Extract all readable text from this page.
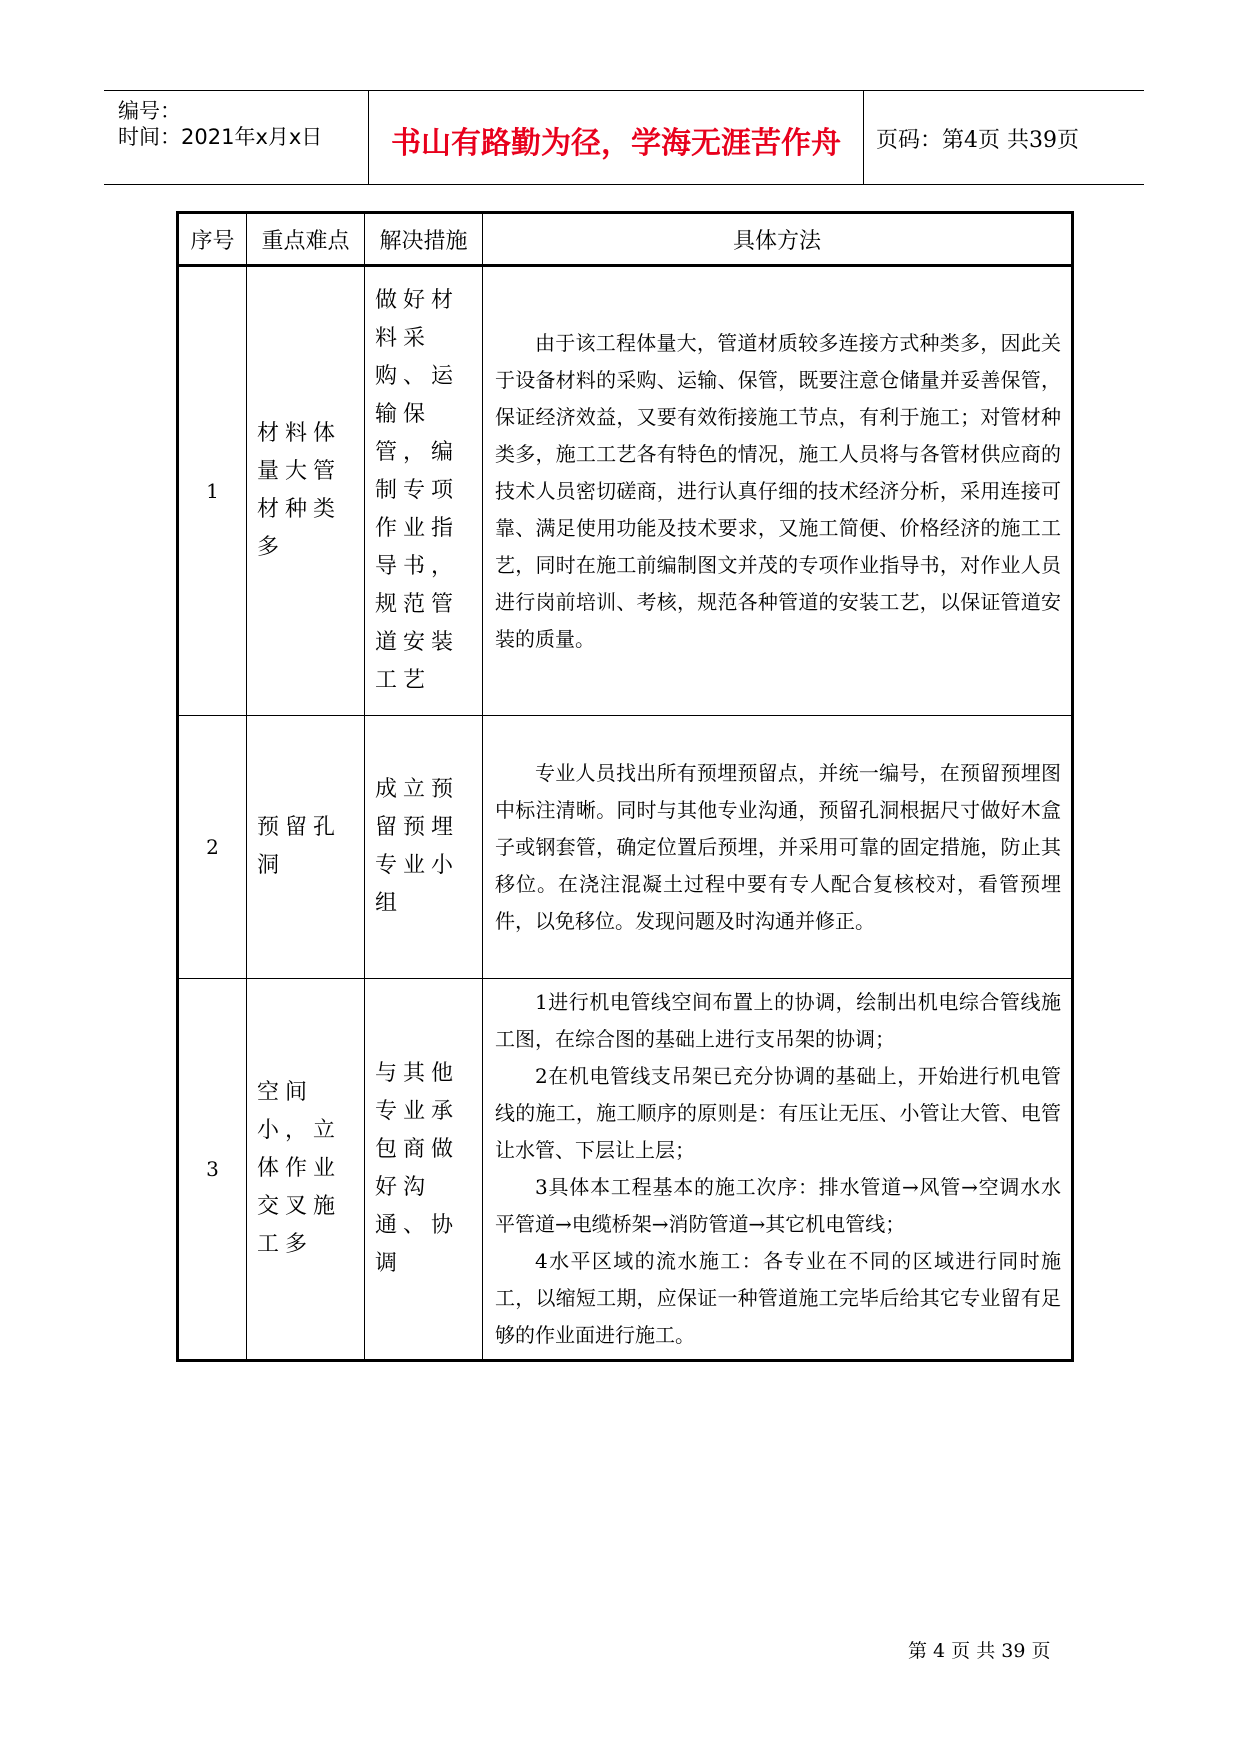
编号：
时间：2021年x月x日	书山有路勤为径，学海无涯苦作舟	页码：第4页 共39页
序号	重点难点	解决措施	具体方法
1	材料体量大管材种类多	做好材料采购、运输保管，编制专项作业指导书，规范管道安装工艺	由于该工程体量大，管道材质较多连接方式种类多，因此关于设备材料的采购、运输、保管，既要注意仓储量并妥善保管，保证经济效益，又要有效衔接施工节点，有利于施工；对管材种类多，施工工艺各有特色的情况，施工人员将与各管材供应商的技术人员密切磋商，进行认真仔细的技术经济分析，采用连接可靠、满足使用功能及技术要求，又施工简便、价格经济的施工工艺，同时在施工前编制图文并茂的专项作业指导书，对作业人员进行岗前培训、考核，规范各种管道的安装工艺，以保证管道安装的质量。

2	预留孔洞	成立预留预埋专业小组	专业人员找出所有预埋预留点，并统一编号，在预留预埋图中标注清晰。同时与其他专业沟通，预留孔洞根据尺寸做好木盒子或钢套管，确定位置后预埋，并采用可靠的固定措施，防止其移位。在浇注混凝土过程中要有专人配合复核校对，看管预埋件，以免移位。发现问题及时沟通并修正。

3	空间小，立体作业交叉施工多	与其他专业承包商做好沟通、协调	1进行机电管线空间布置上的协调，绘制出机电综合管线施工图，在综合图的基础上进行支吊架的协调；

2在机电管线支吊架已充分协调的基础上，开始进行机电管线的施工，施工顺序的原则是：有压让无压、小管让大管、电管让水管、下层让上层；

3具体本工程基本的施工次序：排水管道→风管→空调水水平管道→电缆桥架→消防管道→其它机电管线；

4水平区域的流水施工：各专业在不同的区域进行同时施工，以缩短工期，应保证一种管道施工完毕后给其它专业留有足够的作业面进行施工。

第 4 页 共 39 页
